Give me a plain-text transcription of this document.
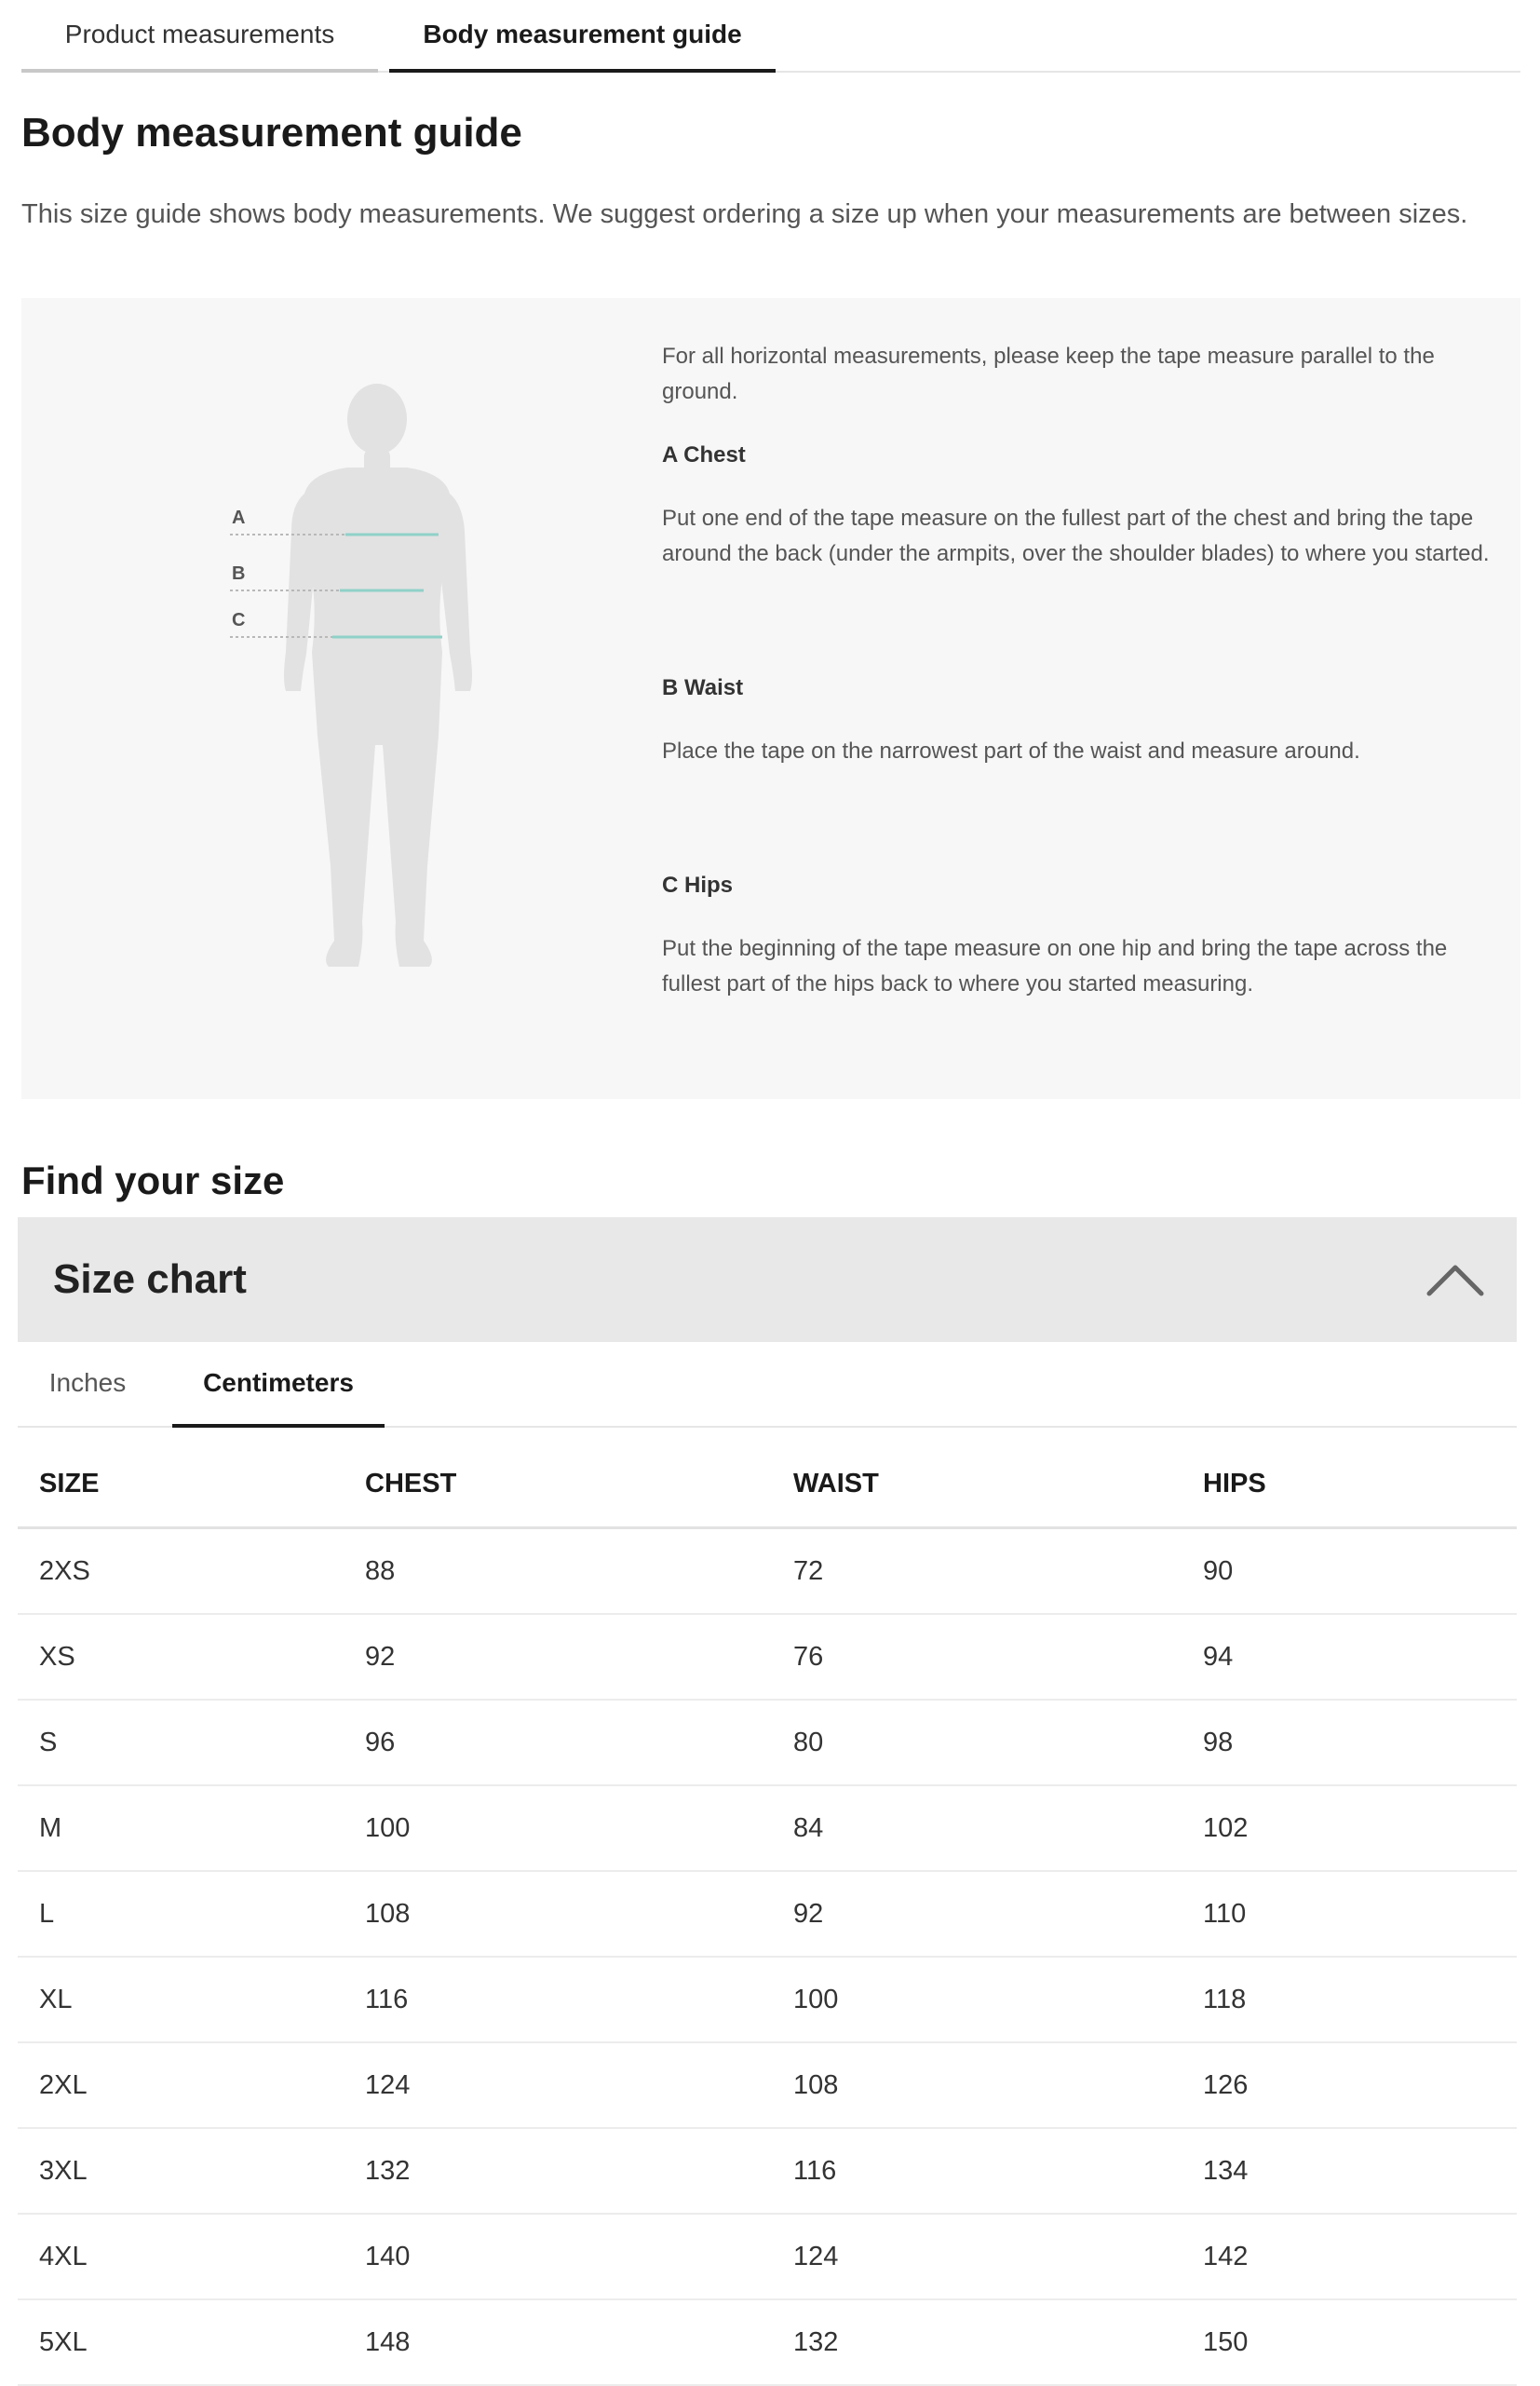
Product measurements	Body measurement guide
Body measurement guide

This size guide shows body measurements. We suggest ordering a size up when your measurements are between sizes.

A
B
C

For all horizontal measurements, please keep the tape measure parallel to the ground.

A Chest

Put one end of the tape measure on the fullest part of the chest and bring the tape around the back (under the armpits, over the shoulder blades) to where you started.

B Waist

Place the tape on the narrowest part of the waist and measure around.

C Hips

Put the beginning of the tape measure on one hip and bring the tape across the fullest part of the hips back to where you started measuring.

Find your size
Size chart
Inches	Centimeters
SIZE	CHEST	WAIST	HIPS
2XS	88	72	90
XS	92	76	94
S	96	80	98
M	100	84	102
L	108	92	110
XL	116	100	118
2XL	124	108	126
3XL	132	116	134
4XL	140	124	142
5XL	148	132	150
